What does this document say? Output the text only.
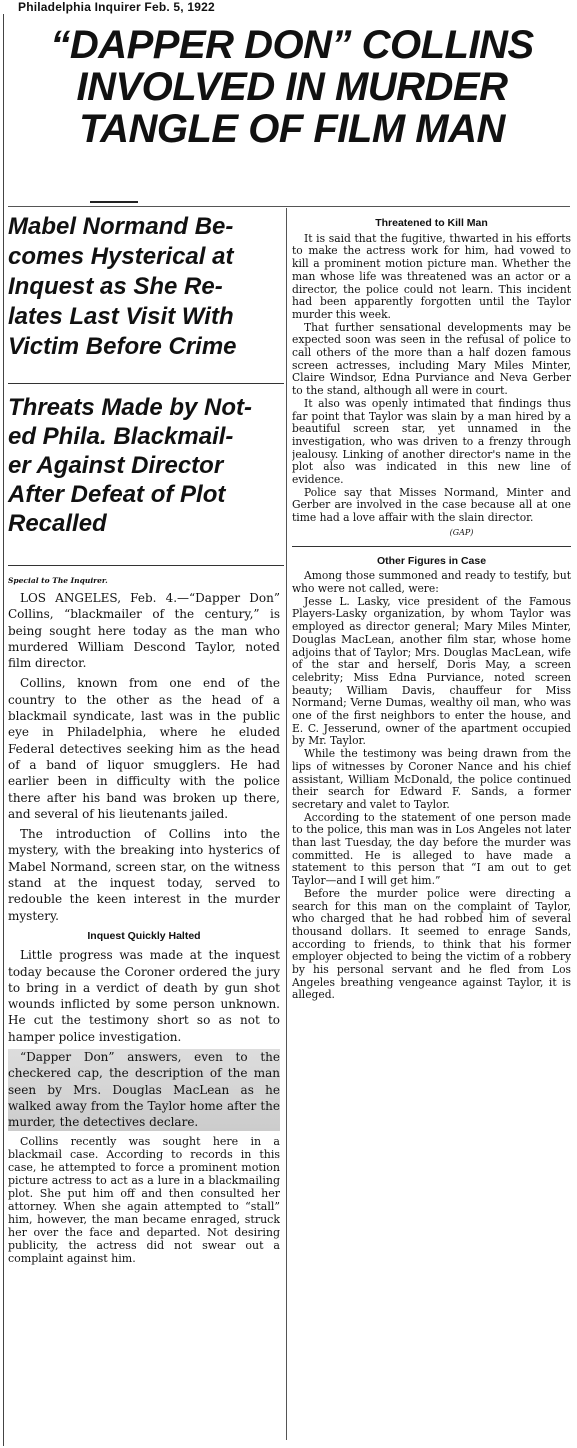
Philadelphia Inquirer Feb. 5, 1922
“DAPPER DON” COLLINS
INVOLVED IN MURDER
TANGLE OF FILM MAN
Mabel Normand Be-
comes Hysterical at
Inquest as She Re-
lates Last Visit With
Victim Before Crime
Threats Made by Not-
ed Phila. Blackmail-
er Against Director
After Defeat of Plot
Recalled
Special to The Inquirer.

LOS ANGELES, Feb. 4.—“Dapper Don” Collins, “blackmailer of the century,” is being sought here today as the man who murdered William Descond Taylor, noted film director.

Collins, known from one end of the country to the other as the head of a blackmail syndicate, last was in the public eye in Philadelphia, where he eluded Federal detectives seeking him as the head of a band of liquor smugglers. He had earlier been in difficulty with the police there after his band was broken up there, and several of his lieutenants jailed.

The introduction of Collins into the mystery, with the breaking into hysterics of Mabel Normand, screen star, on the witness stand at the inquest today, served to redouble the keen interest in the murder mystery.

Inquest Quickly Halted

Little progress was made at the inquest today because the Coroner ordered the jury to bring in a verdict of death by gun shot wounds inflicted by some person unknown. He cut the testimony short so as not to hamper police investigation.

“Dapper Don” answers, even to the checkered cap, the description of the man seen by Mrs. Douglas MacLean as he walked away from the Taylor home after the murder, the detectives declare.

Collins recently was sought here in a blackmail case. According to records in this case, he attempted to force a prominent motion picture actress to act as a lure in a blackmailing plot. She put him off and then consulted her attorney. When she again attempted to “stall” him, however, the man became enraged, struck her over the face and departed. Not desiring publicity, the actress did not swear out a complaint against him.

Threatened to Kill Man

It is said that the fugitive, thwarted in his efforts to make the actress work for him, had vowed to kill a prominent motion picture man. Whether the man whose life was threatened was an actor or a director, the police could not learn. This incident had been apparently forgotten until the Taylor murder this week.

That further sensational developments may be expected soon was seen in the refusal of police to call others of the more than a half dozen famous screen actresses, including Mary Miles Minter, Claire Windsor, Edna Purviance and Neva Gerber to the stand, although all were in court.

It also was openly intimated that findings thus far point that Taylor was slain by a man hired by a beautiful screen star, yet unnamed in the investigation, who was driven to a frenzy through jealousy. Linking of another director's name in the plot also was indicated in this new line of evidence.

Police say that Misses Normand, Minter and Gerber are involved in the case because all at one time had a love affair with the slain director.

(GAP)
Other Figures in Case

Among those summoned and ready to testify, but who were not called, were:

Jesse L. Lasky, vice president of the Famous Players-Lasky organization, by whom Taylor was employed as director general; Mary Miles Minter, Douglas MacLean, another film star, whose home adjoins that of Taylor; Mrs. Douglas MacLean, wife of the star and herself, Doris May, a screen celebrity; Miss Edna Purviance, noted screen beauty; William Davis, chauffeur for Miss Normand; Verne Dumas, wealthy oil man, who was one of the first neighbors to enter the house, and E. C. Jesserund, owner of the apartment occupied by Mr. Taylor.

While the testimony was being drawn from the lips of witnesses by Coroner Nance and his chief assistant, William McDonald, the police continued their search for Edward F. Sands, a former secretary and valet to Taylor.

According to the statement of one person made to the police, this man was in Los Angeles not later than last Tuesday, the day before the murder was committed. He is alleged to have made a statement to this person that “I am out to get Taylor—and I will get him.”

Before the murder police were directing a search for this man on the complaint of Taylor, who charged that he had robbed him of several thousand dollars. It seemed to enrage Sands, according to friends, to think that his former employer objected to being the victim of a robbery by his personal servant and he fled from Los Angeles breathing vengeance against Taylor, it is alleged.
